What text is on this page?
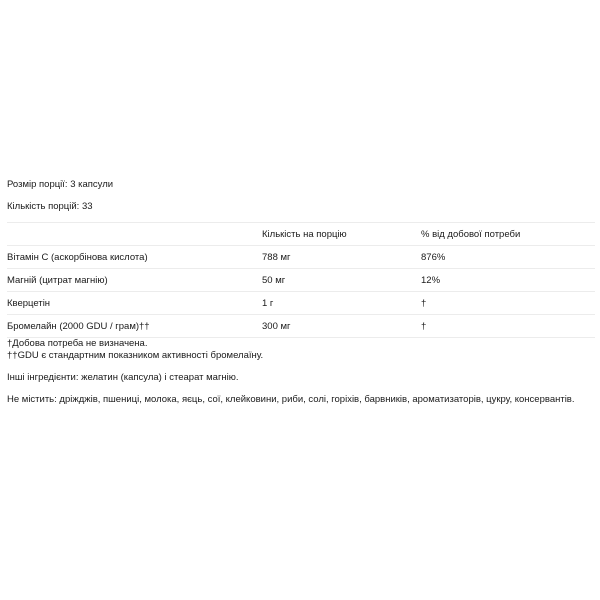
Розмір порції: 3 капсули
Кількість порцій: 33
	Кількість на порцію	% від добової потреби
Вітамін С (аскорбінова кислота)	788 мг	876%
Магній (цитрат магнію)	50 мг	12%
Кверцетін	1 г	†
Бромелайн (2000 GDU / грам)††	300 мг	†
†Добова потреба не визначена.
††GDU є стандартним показником активності бромелаїну.
Інші інгредієнти: желатин (капсула) і стеарат магнію.
Не містить: дріжджів, пшениці, молока, яєць, сої, клейковини, риби, солі, горіхів, барвників, ароматизаторів, цукру, консервантів.
